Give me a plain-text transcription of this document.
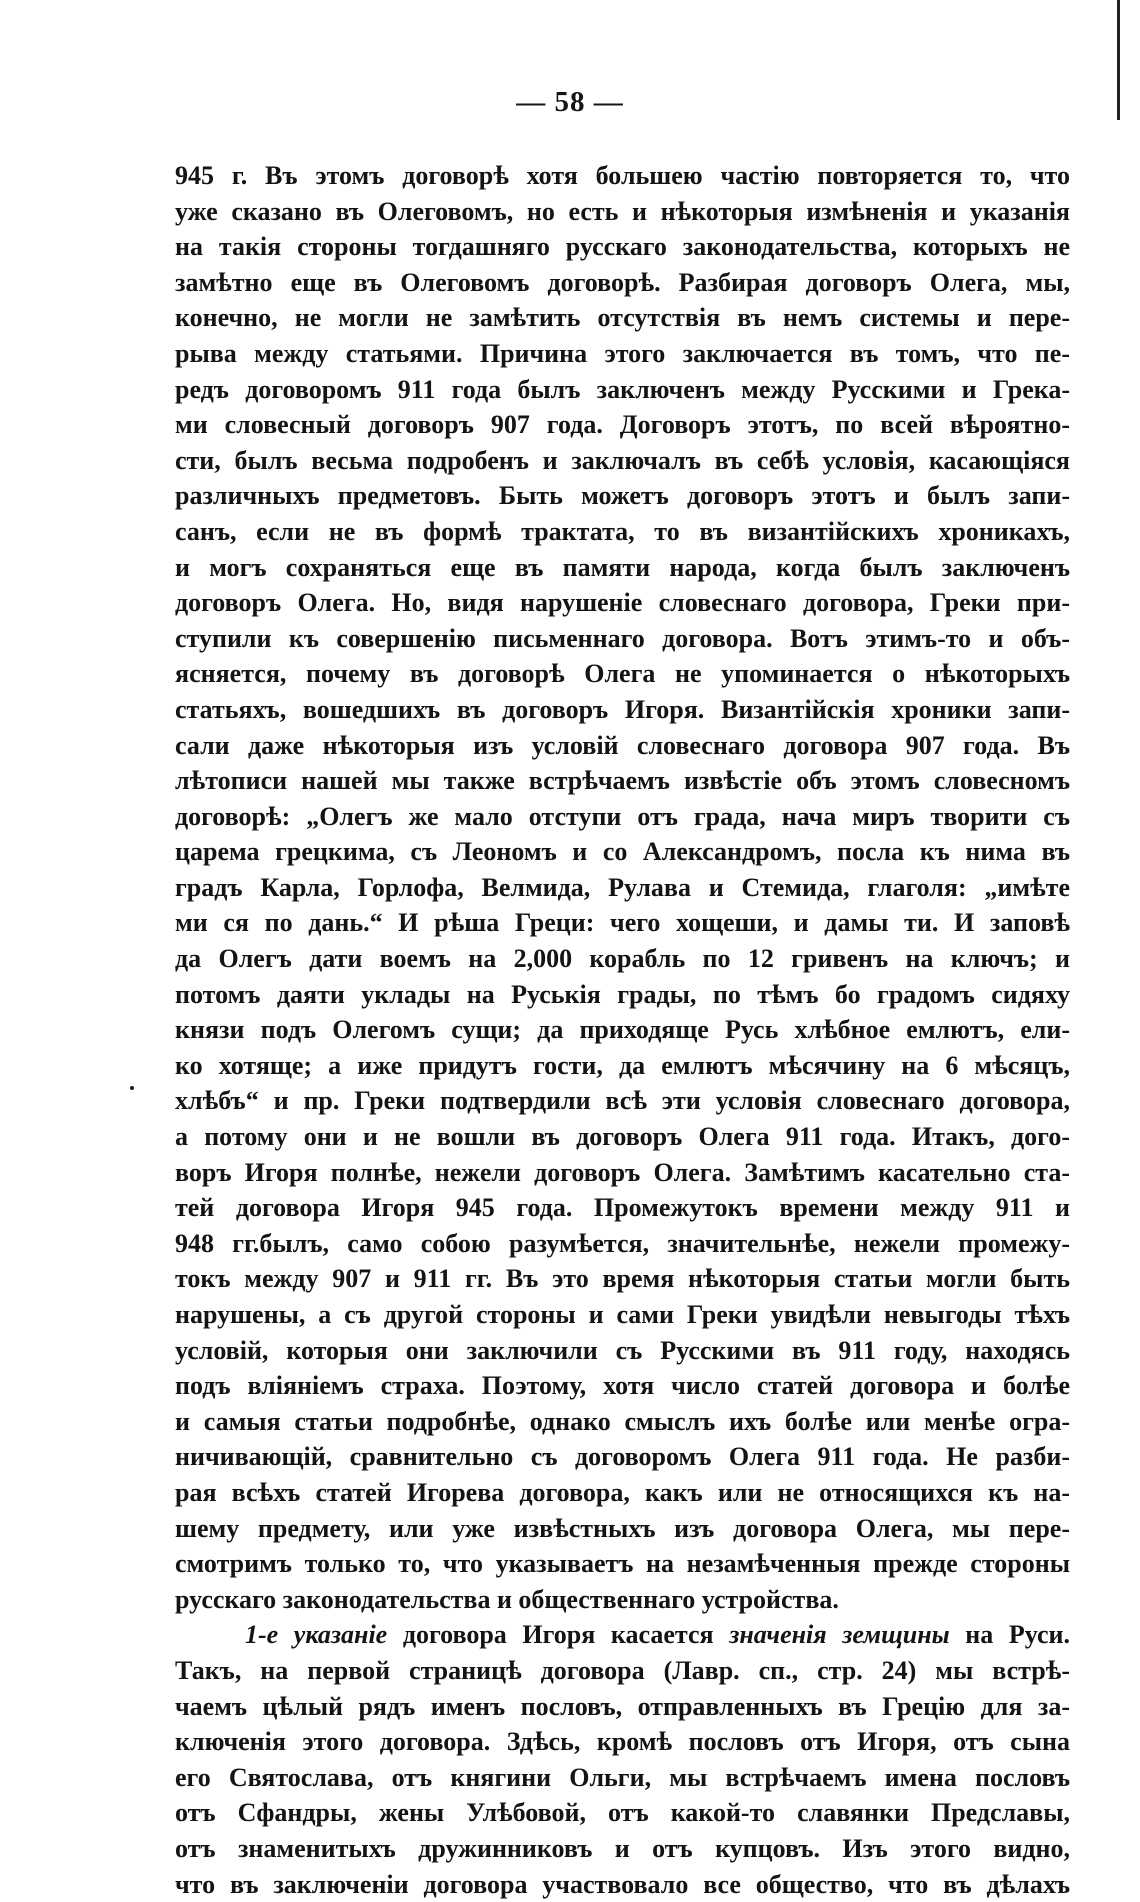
— 58 —
945 г. Въ этомъ договорѣ хотя большею частію повторяется то, что
уже сказано въ Олеговомъ, но есть и нѣкоторыя измѣненія и указанія
на такія стороны тогдашняго русскаго законодательства, которыхъ не
замѣтно еще въ Олеговомъ договорѣ. Разбирая договоръ Олега, мы,
конечно, не могли не замѣтить отсутствія въ немъ системы и пере-
рыва между статьями. Причина этого заключается въ томъ, что пе-
редъ договоромъ 911 года былъ заключенъ между Русскими и Грека-
ми словесный договоръ 907 года. Договоръ этотъ, по всей вѣроятно-
сти, былъ весьма подробенъ и заключалъ въ себѣ условія, касающіяся
различныхъ предметовъ. Быть можетъ договоръ этотъ и былъ запи-
санъ, если не въ формѣ трактата, то въ византійскихъ хроникахъ,
и могъ сохраняться еще въ памяти народа, когда былъ заключенъ
договоръ Олега. Но, видя нарушеніе словеснаго договора, Греки при-
ступили къ совершенію письменнаго договора. Вотъ этимъ-то и объ-
ясняется, почему въ договорѣ Олега не упоминается о нѣкоторыхъ
статьяхъ, вошедшихъ въ договоръ Игоря. Византійскія хроники запи-
сали даже нѣкоторыя изъ условій словеснаго договора 907 года. Въ
лѣтописи нашей мы также встрѣчаемъ извѣстіе объ этомъ словесномъ
договорѣ: „Олегъ же мало отступи отъ града, нача миръ творити съ
царема грецкима, съ Леономъ и со Александромъ, посла къ нима въ
градъ Карла, Горлофа, Велмида, Рулава и Стемида, глаголя: „имѣте
ми ся по дань.“ И рѣша Греци: чего хощеши, и дамы ти. И заповѣ
да Олегъ дати воемъ на 2,000 корабль по 12 гривенъ на ключъ; и
потомъ даяти уклады на Руськія грады, по тѣмъ бо градомъ сидяху
князи подъ Олегомъ сущи; да приходяще Русь хлѣбное емлютъ, ели-
ко хотяще; а иже придутъ гости, да емлютъ мѣсячину на 6 мѣсяцъ,
хлѣбъ“ и пр. Греки подтвердили всѣ эти условія словеснаго договора,
а потому они и не вошли въ договоръ Олега 911 года. Итакъ, дого-
воръ Игоря полнѣе, нежели договоръ Олега. Замѣтимъ касательно ста-
тей договора Игоря 945 года. Промежутокъ времени между 911 и
948 гг.былъ, само собою разумѣется, значительнѣе, нежели промежу-
токъ между 907 и 911 гг. Въ это время нѣкоторыя статьи могли быть
нарушены, а съ другой стороны и сами Греки увидѣли невыгоды тѣхъ
условій, которыя они заключили съ Русскими въ 911 году, находясь
подъ вліяніемъ страха. Поэтому, хотя число статей договора и болѣе
и самыя статьи подробнѣе, однако смыслъ ихъ болѣе или менѣе огра-
ничивающій, сравнительно съ договоромъ Олега 911 года. Не разби-
рая всѣхъ статей Игорева договора, какъ или не относящихся къ на-
шему предмету, или уже извѣстныхъ изъ договора Олега, мы пере-
смотримъ только то, что указываетъ на незамѣченныя прежде стороны
русскаго законодательства и общественнаго устройства.
1-е указаніе договора Игоря касается значенія земщины на Руси.
Такъ, на первой страницѣ договора (Лавр. сп., стр. 24) мы встрѣ-
чаемъ цѣлый рядъ именъ пословъ, отправленныхъ въ Грецію для за-
ключенія этого договора. Здѣсь, кромѣ пословъ отъ Игоря, отъ сына
его Святослава, отъ княгини Ольги, мы встрѣчаемъ имена пословъ
отъ Сфандры, жены Улѣбовой, отъ какой-то славянки Предславы,
отъ знаменитыхъ дружинниковъ и отъ купцовъ. Изъ этого видно,
что въ заключеніи договора участвовало все общество, что въ дѣлахъ
